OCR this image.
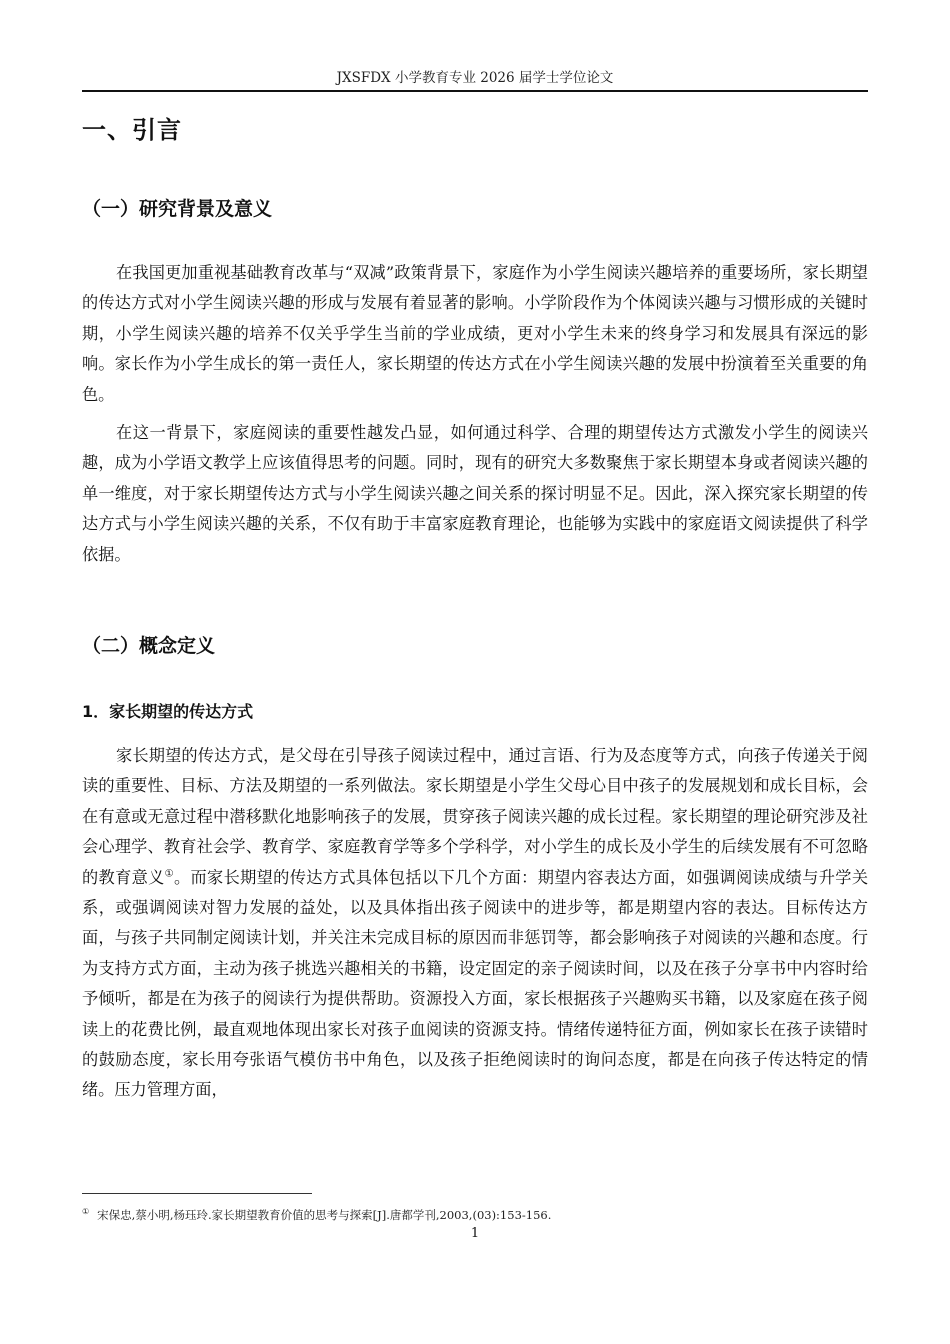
JXSFDX 小学教育专业 2026 届学士学位论文
一、引言
（一）研究背景及意义

在我国更加重视基础教育改革与“双减”政策背景下，家庭作为小学生阅读兴趣培养的重要场所，家长期望的传达方式对小学生阅读兴趣的形成与发展有着显著的影响。小学阶段作为个体阅读兴趣与习惯形成的关键时期，小学生阅读兴趣的培养不仅关乎学生当前的学业成绩，更对小学生未来的终身学习和发展具有深远的影响。家长作为小学生成长的第一责任人，家长期望的传达方式在小学生阅读兴趣的发展中扮演着至关重要的角色。

在这一背景下，家庭阅读的重要性越发凸显，如何通过科学、合理的期望传达方式激发小学生的阅读兴趣，成为小学语文教学上应该值得思考的问题。同时，现有的研究大多数聚焦于家长期望本身或者阅读兴趣的单一维度，对于家长期望传达方式与小学生阅读兴趣之间关系的探讨明显不足。因此，深入探究家长期望的传达方式与小学生阅读兴趣的关系，不仅有助于丰富家庭教育理论，也能够为实践中的家庭语文阅读提供了科学依据。

（二）概念定义
1．家长期望的传达方式

家长期望的传达方式，是父母在引导孩子阅读过程中，通过言语、行为及态度等方式，向孩子传递关于阅读的重要性、目标、方法及期望的一系列做法。家长期望是小学生父母心目中孩子的发展规划和成长目标，会在有意或无意过程中潜移默化地影响孩子的发展，贯穿孩子阅读兴趣的成长过程。家长期望的理论研究涉及社会心理学、教育社会学、教育学、家庭教育学等多个学科学，对小学生的成长及小学生的后续发展有不可忽略的教育意义①。而家长期望的传达方式具体包括以下几个方面：期望内容表达方面，如强调阅读成绩与升学关系，或强调阅读对智力发展的益处，以及具体指出孩子阅读中的进步等，都是期望内容的表达。目标传达方面，与孩子共同制定阅读计划，并关注未完成目标的原因而非惩罚等，都会影响孩子对阅读的兴趣和态度。行为支持方式方面，主动为孩子挑选兴趣相关的书籍，设定固定的亲子阅读时间，以及在孩子分享书中内容时给予倾听，都是在为孩子的阅读行为提供帮助。资源投入方面，家长根据孩子兴趣购买书籍，以及家庭在孩子阅读上的花费比例，最直观地体现出家长对孩子血阅读的资源支持。情绪传递特征方面，例如家长在孩子读错时的鼓励态度，家长用夸张语气模仿书中角色，以及孩子拒绝阅读时的询问态度，都是在向孩子传达特定的情绪。压力管理方面，

① 宋保忠,蔡小明,杨珏玲.家长期望教育价值的思考与探索[J].唐都学刊,2003,(03):153-156.
1
